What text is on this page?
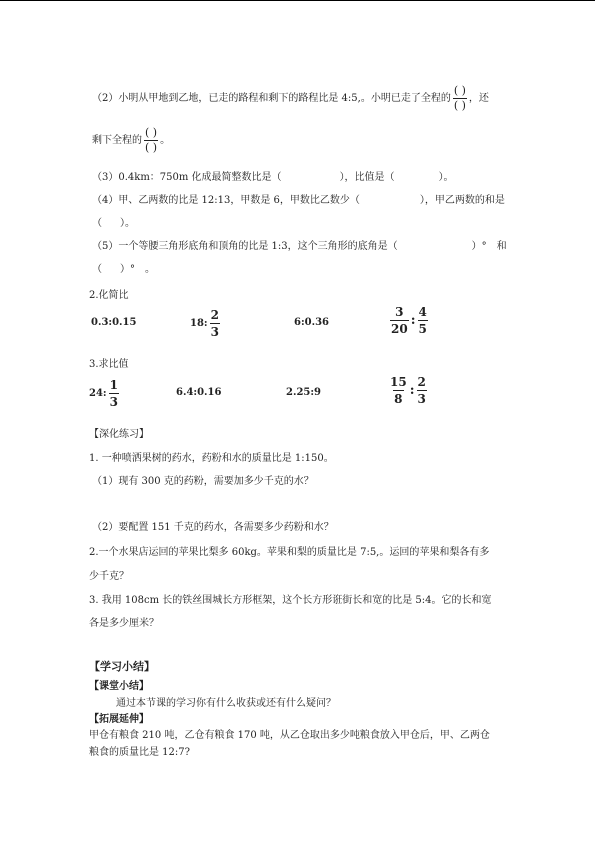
（2）小明从甲地到乙地，已走的路程和剩下的路程比是 4:5,。小明已走了全程的 $\frac{( )}{( )}$ ，还
剩下全程的 $\frac{( )}{( )}$ 。
（3）0.4km：750m 化成最简整数比是（	），比值是（	）。
（4）甲、乙两数的比是 12:13，甲数是 6，甲数比乙数少（	），甲乙两数的和是
（ ）。
（5）一个等腰三角形底角和顶角的比是 1:3，这个三角形的底角是（	）°　和
（ ）°　。
2.化简比
0.3:0.15	18: $\frac{2}{3}$	6:0.36	$\frac{3}{20}$ : $\frac{4}{5}$
3.求比值
24: $\frac{1}{3}$	6.4:0.16	2.25:9	$\frac{15}{8}$ : $\frac{2}{3}$
【深化练习】
1. 一种喷洒果树的药水，药粉和水的质量比是 1:150。
（1）现有 300 克的药粉，需要加多少千克的水？
（2）要配置 151 千克的药水，各需要多少药粉和水？
2.一个水果店运回的苹果比梨多 60kg。苹果和梨的质量比是 7:5,。运回的苹果和梨各有多
少千克？
3. 我用 108cm 长的铁丝围城长方形框架，这个长方形诳街长和宽的比是 5:4。它的长和宽
各是多少厘米？
【学习小结】
【课堂小结】
通过本节课的学习你有什么收获或还有什么疑问？
【拓展延伸】
甲仓有粮食 210 吨，乙仓有粮食 170 吨，从乙仓取出多少吨粮食放入甲仓后，甲、乙两仓
粮食的质量比是 12:7?
